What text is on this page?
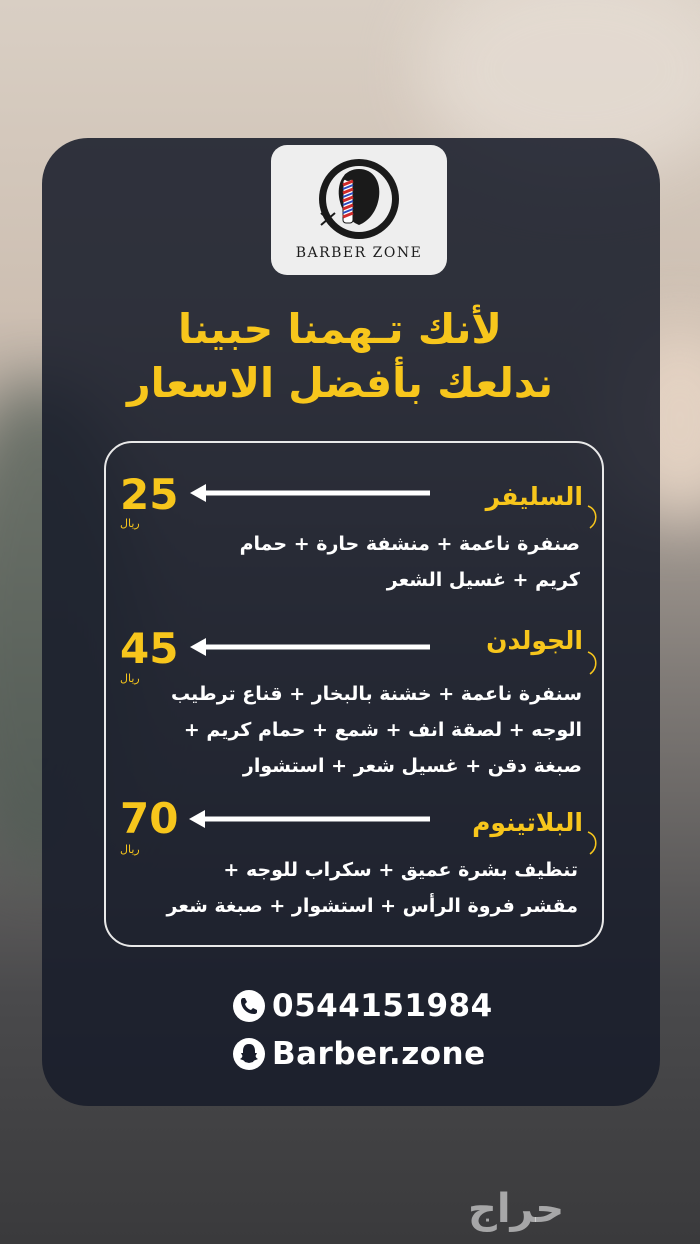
BARBER ZONE
لأنك تـهمنا حبينا
ندلعك بأفضل الاسعار
السليفر
25
ريال
صنفرة ناعمة + منشفة حارة + حمام
كريم + غسيل الشعر
الجولدن
45
ريال
سنفرة ناعمة + خشنة بالبخار + قناع ترطيب
الوجه + لصقة انف + شمع + حمام كريم +
صبغة دقن + غسيل شعر + استشوار
البلاتينوم
70
ريال
تنظيف بشرة عميق + سكراب للوجه +
مقشر فروة الرأس + استشوار + صبغة شعر
0544151984
Barber.zone
حراج
